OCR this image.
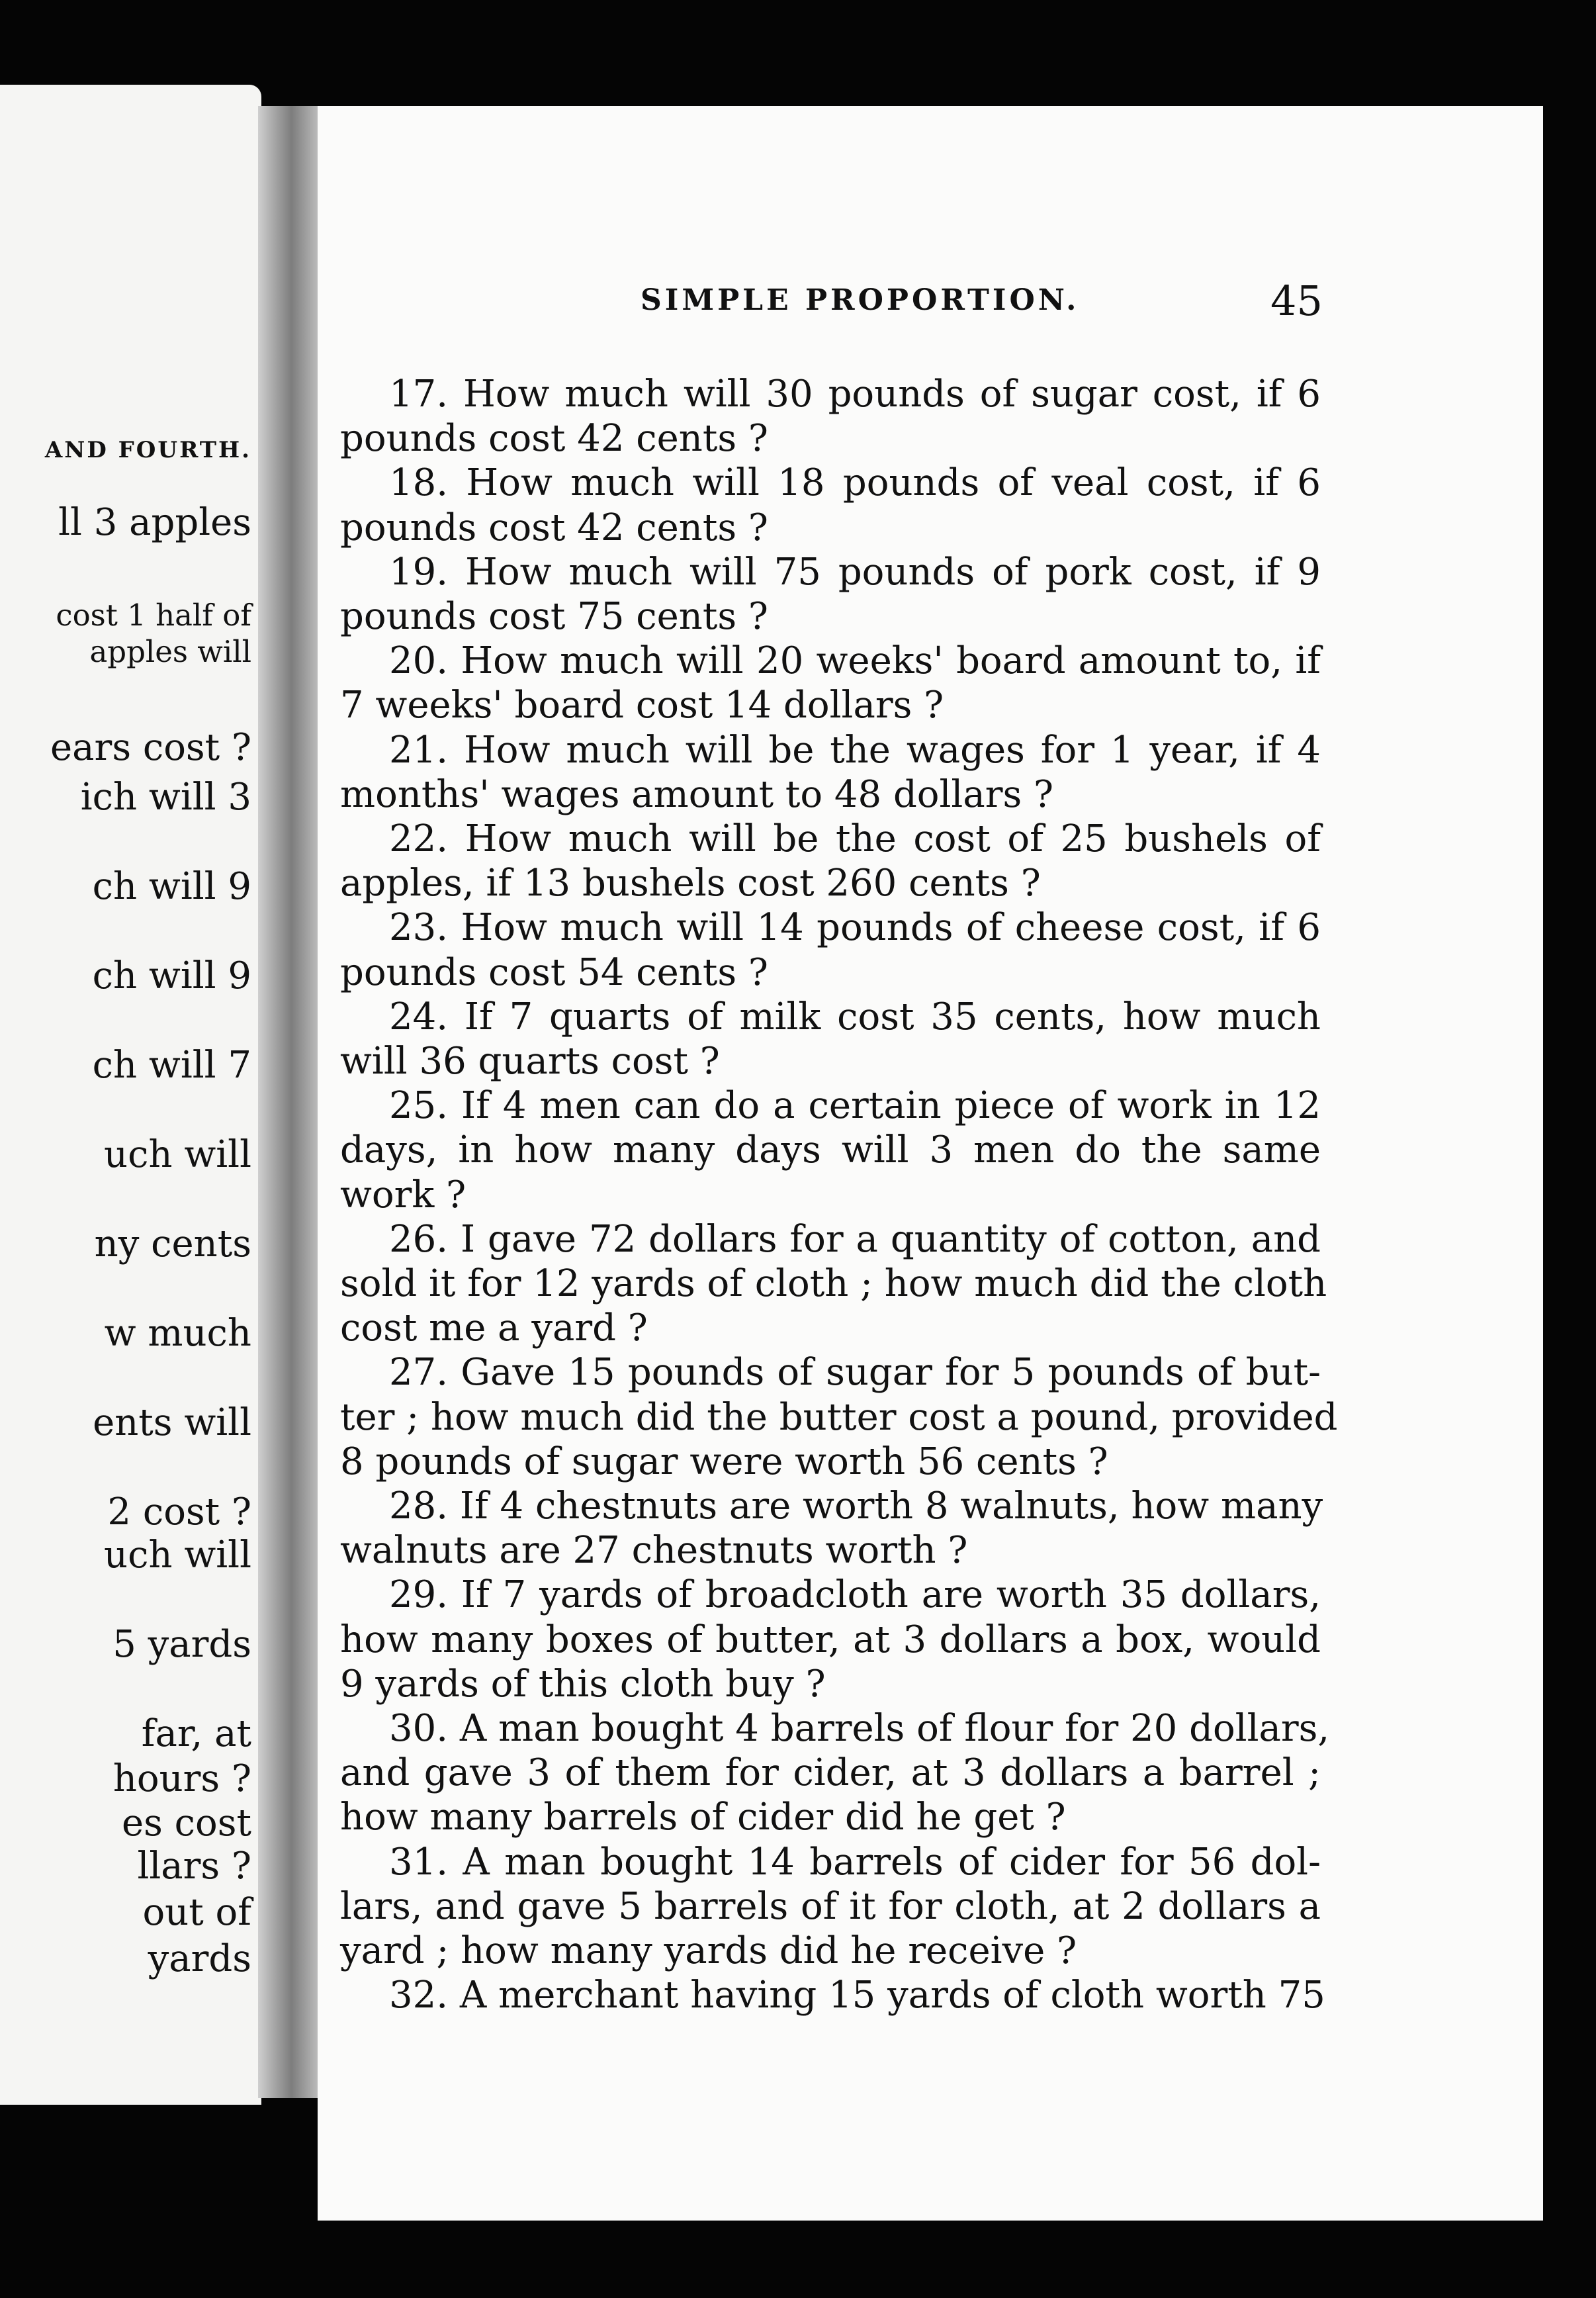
AND FOURTH.
ll 3 apples
cost 1 half of
apples will
ears cost ?
ich will 3
ch will 9
ch will 9
ch will 7
uch will
ny cents
w much
ents will
2 cost ?
uch will
5 yards
far, at
hours ?
es cost
llars ?
out of
yards
SIMPLE PROPORTION.	45
17. How much will 30 pounds of sugar cost, if 6
pounds cost 42 cents ?
18. How much will 18 pounds of veal cost, if 6
pounds cost 42 cents ?
19. How much will 75 pounds of pork cost, if 9
pounds cost 75 cents ?
20. How much will 20 weeks' board amount to, if
7 weeks' board cost 14 dollars ?
21. How much will be the wages for 1 year, if 4
months' wages amount to 48 dollars ?
22. How much will be the cost of 25 bushels of
apples, if 13 bushels cost 260 cents ?
23. How much will 14 pounds of cheese cost, if 6
pounds cost 54 cents ?
24. If 7 quarts of milk cost 35 cents, how much
will 36 quarts cost ?
25. If 4 men can do a certain piece of work in 12
days, in how many days will 3 men do the same
work ?
26. I gave 72 dollars for a quantity of cotton, and
sold it for 12 yards of cloth ; how much did the cloth
cost me a yard ?
27. Gave 15 pounds of sugar for 5 pounds of but-
ter ; how much did the butter cost a pound, provided
8 pounds of sugar were worth 56 cents ?
28. If 4 chestnuts are worth 8 walnuts, how many
walnuts are 27 chestnuts worth ?
29. If 7 yards of broadcloth are worth 35 dollars,
how many boxes of butter, at 3 dollars a box, would
9 yards of this cloth buy ?
30. A man bought 4 barrels of flour for 20 dollars,
and gave 3 of them for cider, at 3 dollars a barrel ;
how many barrels of cider did he get ?
31. A man bought 14 barrels of cider for 56 dol-
lars, and gave 5 barrels of it for cloth, at 2 dollars a
yard ; how many yards did he receive ?
32. A merchant having 15 yards of cloth worth 75
